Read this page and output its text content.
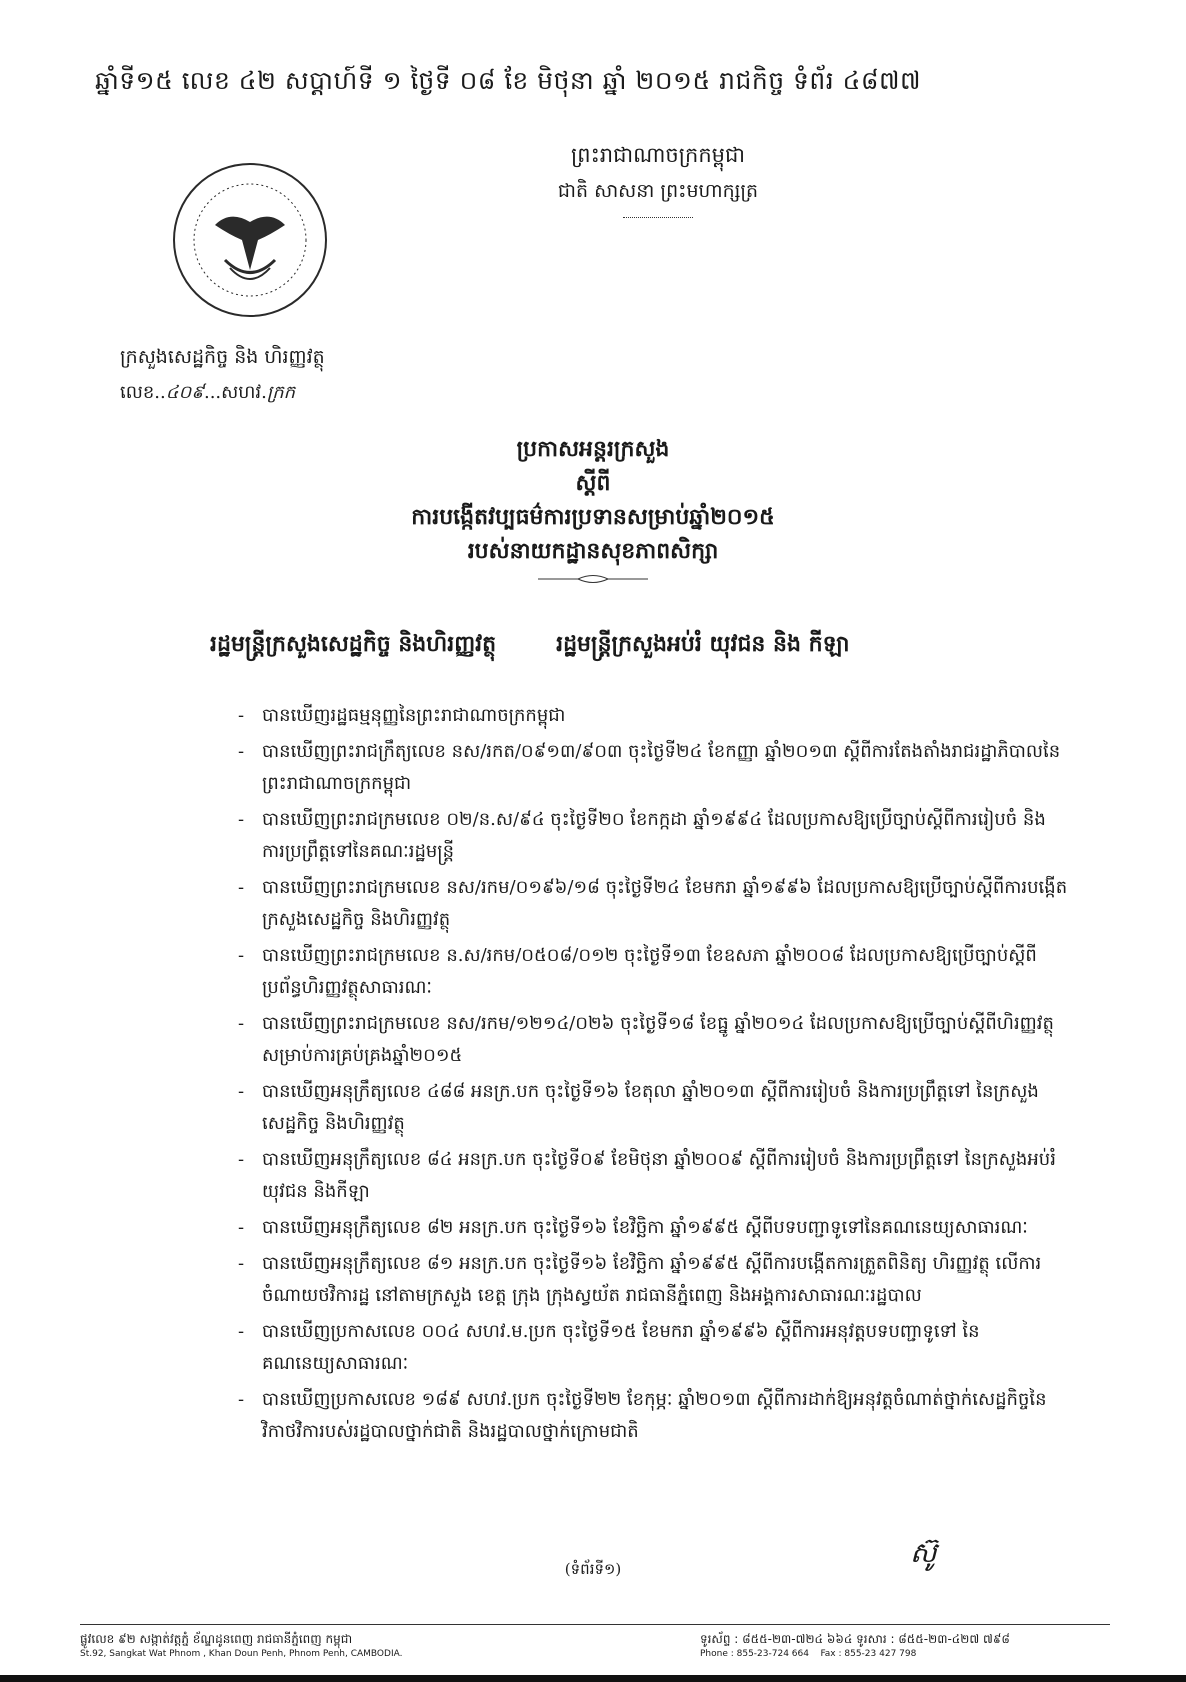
ឆ្នាំទី១៥ លេខ ៤២ សប្តាហ៍ទី ១ ថ្ងៃទី ០៨ ខែ មិថុនា ឆ្នាំ ២០១៥ រាជកិច្ច ទំព័រ ៤៨៧៧
ព្រះរាជាណាចក្រកម្ពុជា
ជាតិ សាសនា ព្រះមហាក្សត្រ
ក្រសួងសេដ្ឋកិច្ច និង ហិរញ្ញវត្ថុ
លេខ..៤០៩...សហវ.ក្រក
ប្រកាសអន្តរក្រសួង
ស្តីពី
ការបង្កើតវប្បធម៌ការប្រទានសម្រាប់ឆ្នាំ២០១៥
របស់នាយកដ្ឋានសុខភាពសិក្សា
រដ្ឋមន្ត្រីក្រសួងសេដ្ឋកិច្ច និងហិរញ្ញវត្ថុ	រដ្ឋមន្ត្រីក្រសួងអប់រំ យុវជន និង កីឡា
- បានឃើញរដ្ឋធម្មនុញ្ញនៃព្រះរាជាណាចក្រកម្ពុជា
- បានឃើញព្រះរាជក្រឹត្យលេខ នស/រកត/០៩១៣/៩០៣ ចុះថ្ងៃទី២៤ ខែកញ្ញា ឆ្នាំ២០១៣ ស្តីពីការតែងតាំងរាជរដ្ឋាភិបាលនៃព្រះរាជាណាចក្រកម្ពុជា
- បានឃើញព្រះរាជក្រមលេខ ០២/ន.ស/៩៤ ចុះថ្ងៃទី២០ ខែកក្កដា ឆ្នាំ១៩៩៤ ដែលប្រកាសឱ្យប្រើច្បាប់ស្តីពីការរៀបចំ និងការប្រព្រឹត្តទៅនៃគណៈរដ្ឋមន្ត្រី
- បានឃើញព្រះរាជក្រមលេខ នស/រកម/០១៩៦/១៨ ចុះថ្ងៃទី២៤ ខែមករា ឆ្នាំ១៩៩៦ ដែលប្រកាសឱ្យប្រើច្បាប់ស្តីពីការបង្កើតក្រសួងសេដ្ឋកិច្ច និងហិរញ្ញវត្ថុ
- បានឃើញព្រះរាជក្រមលេខ ន.ស/រកម/០៥០៨/០១២ ចុះថ្ងៃទី១៣ ខែឧសភា ឆ្នាំ២០០៨ ដែលប្រកាសឱ្យប្រើច្បាប់ស្តីពីប្រព័ន្ធហិរញ្ញវត្ថុសាធារណៈ
- បានឃើញព្រះរាជក្រមលេខ នស/រកម/១២១៤/០២៦ ចុះថ្ងៃទី១៨ ខែធ្នូ ឆ្នាំ២០១៤ ដែលប្រកាសឱ្យប្រើច្បាប់ស្តីពីហិរញ្ញវត្ថុសម្រាប់ការគ្រប់គ្រងឆ្នាំ២០១៥
- បានឃើញអនុក្រឹត្យលេខ ៤៨៨ អនក្រ.បក ចុះថ្ងៃទី១៦ ខែតុលា ឆ្នាំ២០១៣ ស្តីពីការរៀបចំ និងការប្រព្រឹត្តទៅ នៃក្រសួងសេដ្ឋកិច្ច និងហិរញ្ញវត្ថុ
- បានឃើញអនុក្រឹត្យលេខ ៨៤ អនក្រ.បក ចុះថ្ងៃទី០៩ ខែមិថុនា ឆ្នាំ២០០៩ ស្តីពីការរៀបចំ និងការប្រព្រឹត្តទៅ នៃក្រសួងអប់រំ យុវជន និងកីឡា
- បានឃើញអនុក្រឹត្យលេខ ៨២ អនក្រ.បក ចុះថ្ងៃទី១៦ ខែវិច្ឆិកា ឆ្នាំ១៩៩៥ ស្តីពីបទបញ្ជាទូទៅនៃគណនេយ្យសាធារណៈ
- បានឃើញអនុក្រឹត្យលេខ ៨១ អនក្រ.បក ចុះថ្ងៃទី១៦ ខែវិច្ឆិកា ឆ្នាំ១៩៩៥ ស្តីពីការបង្កើតការត្រួតពិនិត្យ ហិរញ្ញវត្ថុ លើការចំណាយថវិការដ្ឋ នៅតាមក្រសួង ខេត្ត ក្រុង ក្រុងស្វយ័ត រាជធានីភ្នំពេញ និងអង្គការសាធារណៈរដ្ឋបាល
- បានឃើញប្រកាសលេខ ០០៤ សហវ.ម.ប្រក ចុះថ្ងៃទី១៥ ខែមករា ឆ្នាំ១៩៩៦ ស្តីពីការអនុវត្តបទបញ្ជាទូទៅ នៃគណនេយ្យសាធារណៈ
- បានឃើញប្រកាសលេខ ១៨៩ សហវ.ប្រក ចុះថ្ងៃទី២២ ខែកុម្ភៈ ឆ្នាំ២០១៣ ស្តីពីការដាក់ឱ្យអនុវត្តចំណាត់ថ្នាក់សេដ្ឋកិច្ចនៃវិកាថវិការបស់រដ្ឋបាលថ្នាក់ជាតិ និងរដ្ឋបាលថ្នាក់ក្រោមជាតិ
ស៊ូ
(ទំព័រទី១)
ផ្លូវលេខ ៩២ សង្កាត់វត្តភ្នំ ខ័ណ្ឌដូនពេញ រាជធានីភ្នំពេញ កម្ពុជា
St.92, Sangkat Wat Phnom , Khan Doun Penh, Phnom Penh, CAMBODIA.
ទូរស័ព្ទ : ៨៥៥-២៣-៧២៤ ៦៦៤ ទូរសារ : ៨៥៥-២៣-៤២៧ ៧៩៨
Phone : 855-23-724 664 Fax : 855-23 427 798
